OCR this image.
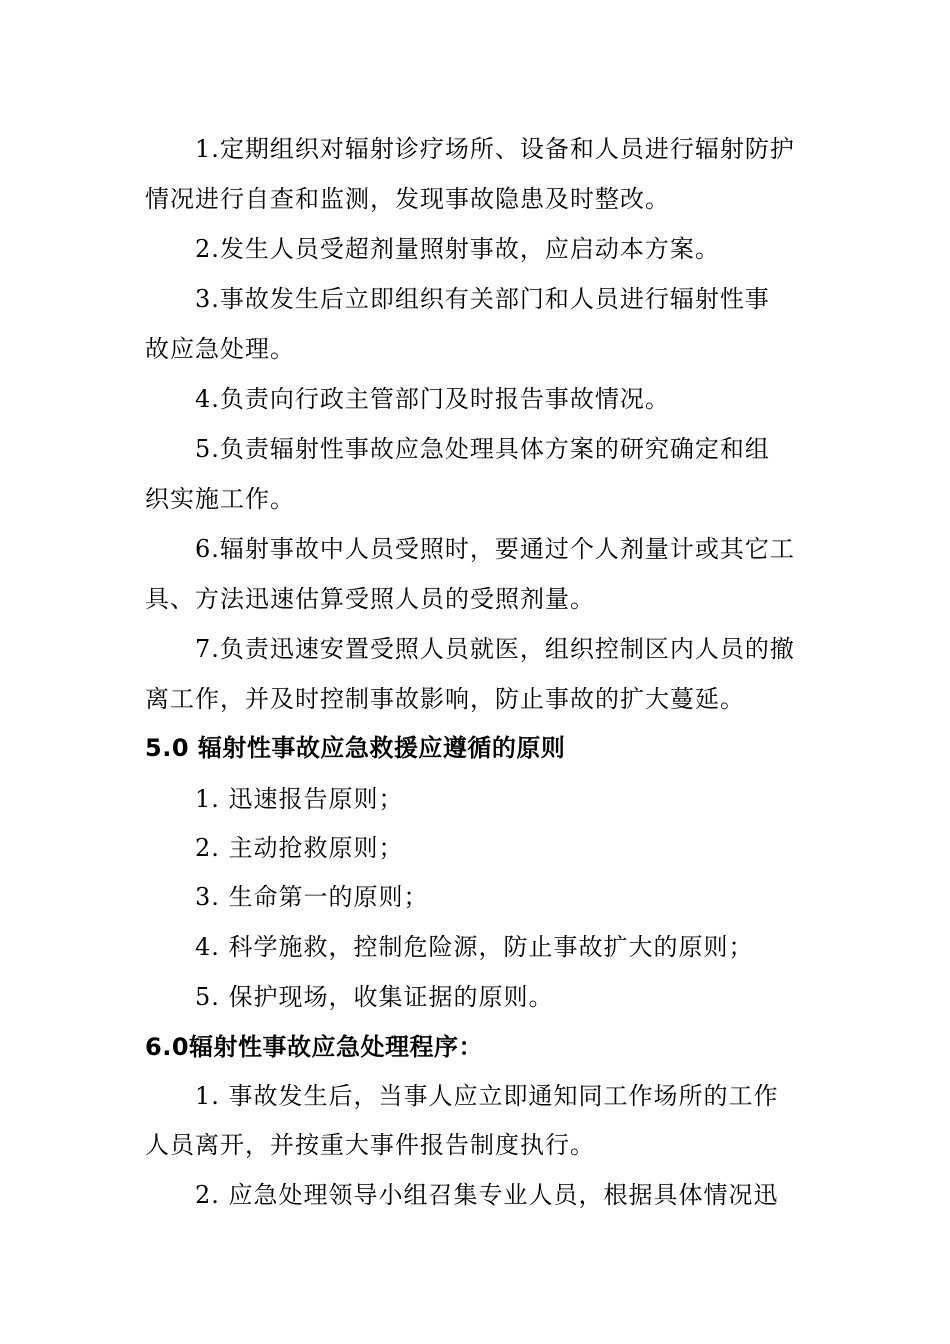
1.定期组织对辐射诊疗场所、设备和人员进行辐射防护
情况进行自查和监测，发现事故隐患及时整改。
2.发生人员受超剂量照射事故，应启动本方案。
3.事故发生后立即组织有关部门和人员进行辐射性事
故应急处理。
4.负责向行政主管部门及时报告事故情况。
5.负责辐射性事故应急处理具体方案的研究确定和组
织实施工作。
6.辐射事故中人员受照时，要通过个人剂量计或其它工
具、方法迅速估算受照人员的受照剂量。
7.负责迅速安置受照人员就医，组织控制区内人员的撤
离工作，并及时控制事故影响，防止事故的扩大蔓延。
5.0 辐射性事故应急救援应遵循的原则
1. 迅速报告原则；
2. 主动抢救原则；
3. 生命第一的原则；
4. 科学施救，控制危险源，防止事故扩大的原则；
5. 保护现场，收集证据的原则。
6.0辐射性事故应急处理程序：
1. 事故发生后，当事人应立即通知同工作场所的工作
人员离开，并按重大事件报告制度执行。
2. 应急处理领导小组召集专业人员，根据具体情况迅
